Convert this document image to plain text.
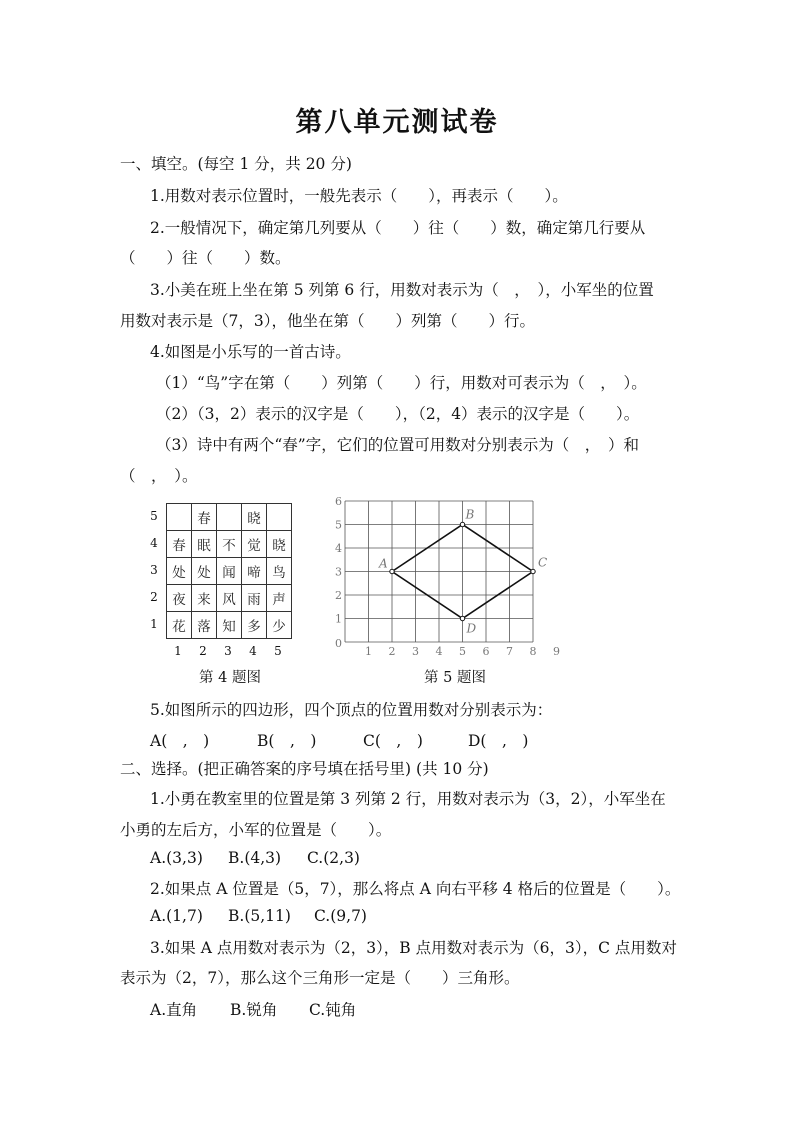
第八单元测试卷
一、填空。(每空 1 分，共 20 分)
1.用数对表示位置时，一般先表示（　　），再表示（　　）。
2.一般情况下，确定第几列要从（　　）往（　　）数，确定第几行要从
（　　）往（　　）数。
3.小美在班上坐在第 5 列第 6 行，用数对表示为（　，　），小军坐的位置
用数对表示是（7，3），他坐在第（　　）列第（　　）行。
4.如图是小乐写的一首古诗。
（1）“鸟”字在第（　　）列第（　　）行，用数对可表示为（　，　）。
（2）（3，2）表示的汉字是（　　），（2，4）表示的汉字是（　　）。
（3）诗中有两个“春”字，它们的位置可用数对分别表示为（　，　）和
（　，　）。
5
4
3
2
1
	春		晓	
春	眠	不	觉	晓
处	处	闻	啼	鸟
夜	来	风	雨	声
花	落	知	多	少
1 2 3 4 5
第 4 题图
0
1 2 3 4 5 6 7 8 9
1
2
3
4
5
6
A
B
C
D
第 5 题图
5.如图所示的四边形，四个顶点的位置用数对分别表示为：
A(　,　)	B(　,　)	C(　,　)	D(　,　)
二、选择。(把正确答案的序号填在括号里) (共 10 分)
1.小勇在教室里的位置是第 3 列第 2 行，用数对表示为（3，2），小军坐在
小勇的左后方，小军的位置是（　　）。
A.(3,3) B.(4,3) C.(2,3)
2.如果点 A 位置是（5，7），那么将点 A 向右平移 4 格后的位置是（　　）。
A.(1,7) B.(5,11) C.(9,7)
3.如果 A 点用数对表示为（2，3），B 点用数对表示为（6，3），C 点用数对
表示为（2，7），那么这个三角形一定是（　　）三角形。
A.直角 B.锐角 C.钝角
